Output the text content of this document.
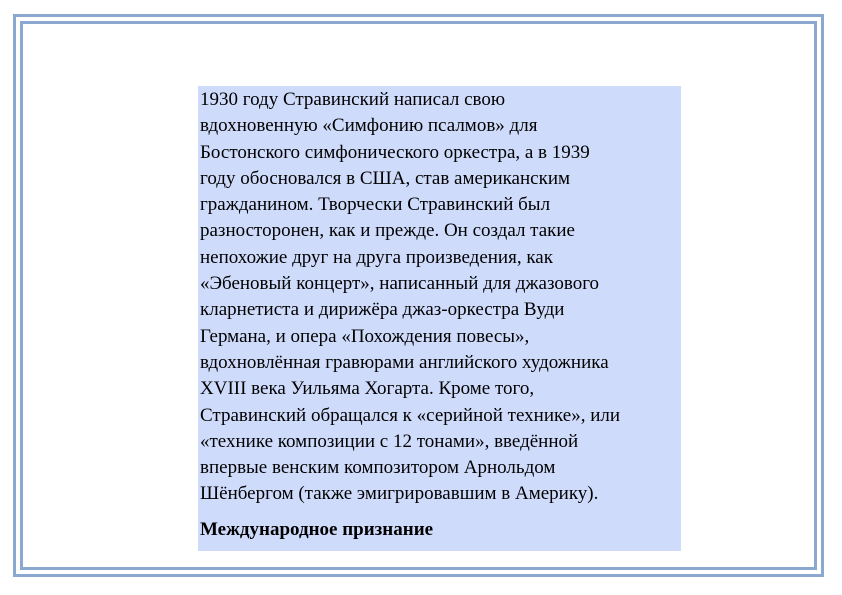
1930 году Стравинский написал свою
вдохновенную «Симфонию псалмов» для
Бостонского симфонического оркестра, а в 1939
году обосновался в США, став американским
гражданином. Творчески Стравинский был
разносторонен, как и прежде. Он создал такие
непохожие друг на друга произведения, как
«Эбеновый концерт», написанный для джазового
кларнетиста и дирижёра джаз-оркестра Вуди
Германа, и опера «Похождения повесы»,
вдохновлённая гравюрами английского художника
XVIII века Уильяма Хогарта. Кроме того,
Стравинский обращался к «серийной технике», или
«технике композиции с 12 тонами», введённой
впервые венским композитором Арнольдом
Шёнбергом (также эмигрировавшим в Америку).

Международное признание
